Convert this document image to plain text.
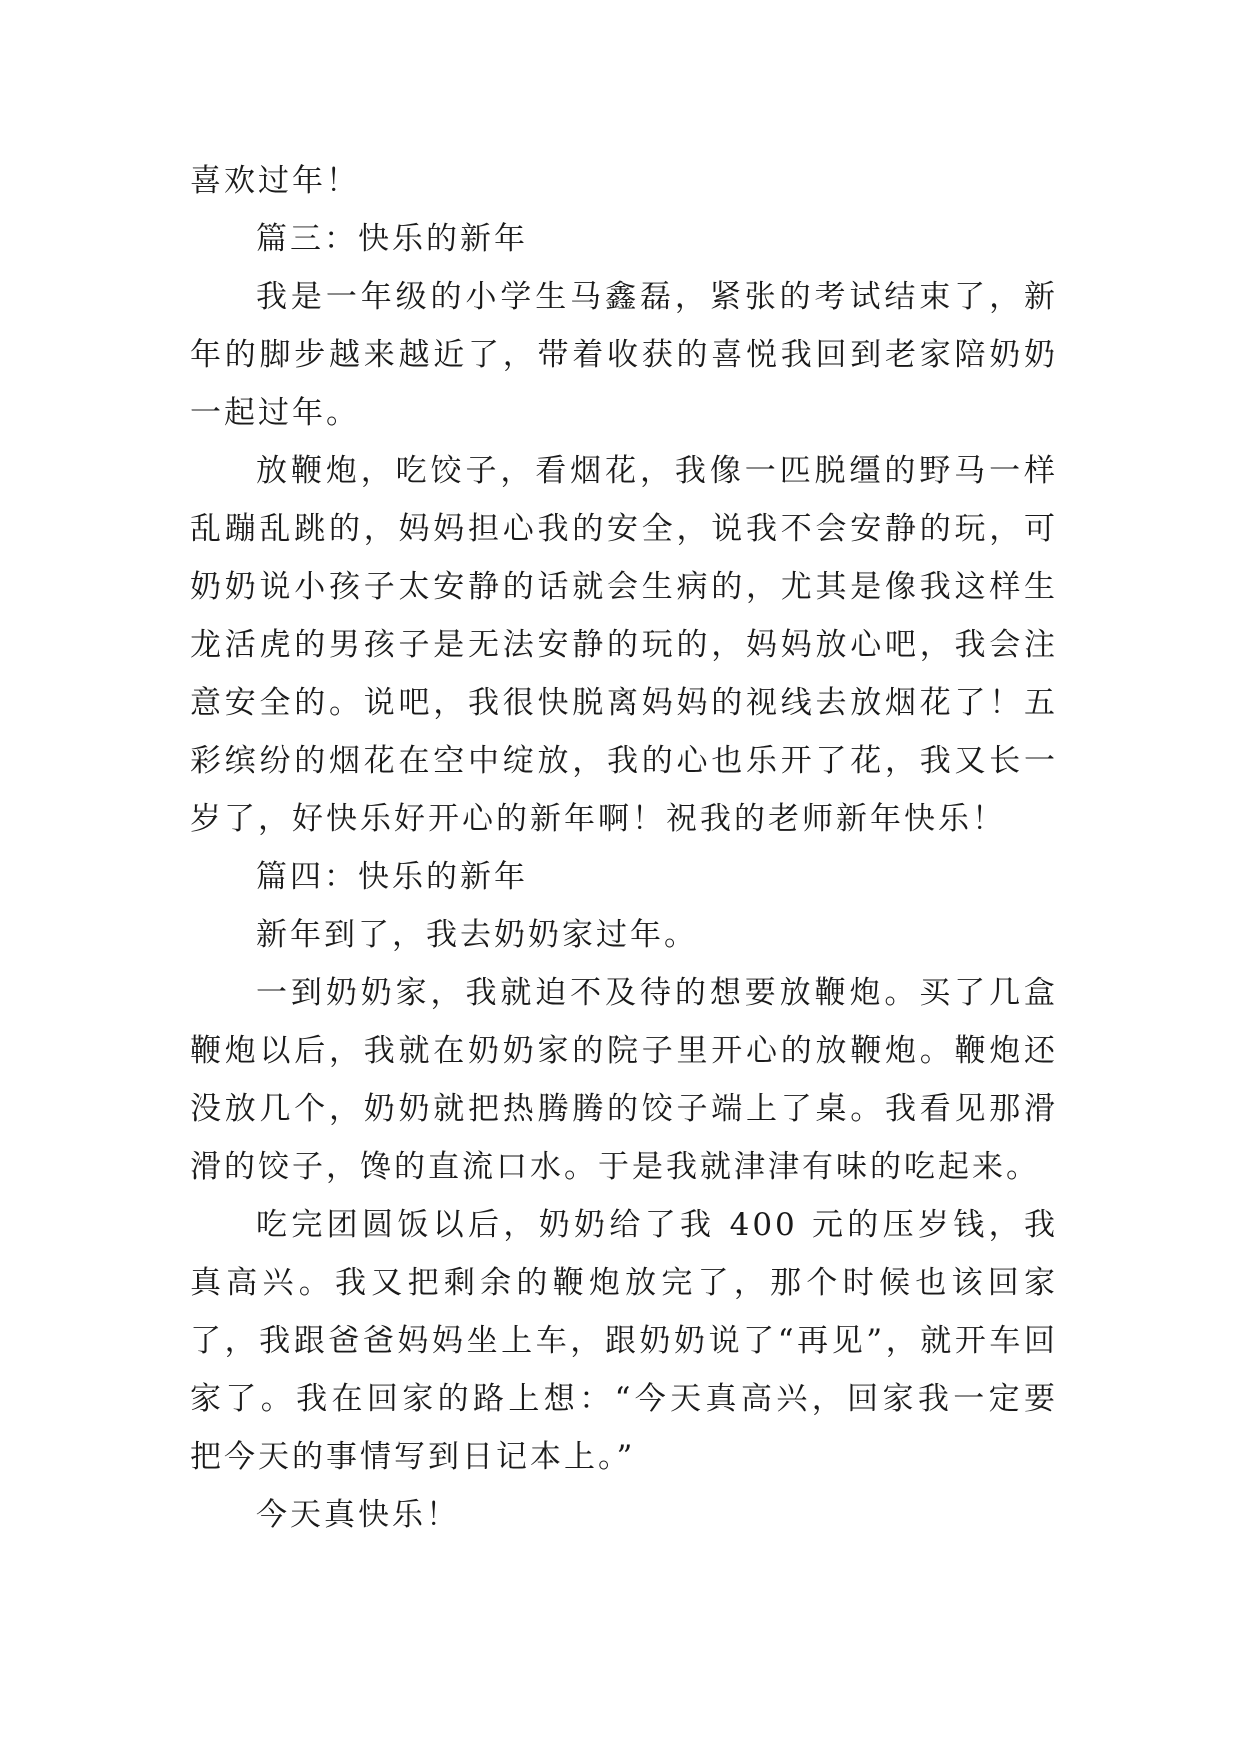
喜欢过年！

篇三：快乐的新年

我是一年级的小学生马鑫磊，紧张的考试结束了，新年的脚步越来越近了，带着收获的喜悦我回到老家陪奶奶一起过年。

放鞭炮，吃饺子，看烟花，我像一匹脱缰的野马一样乱蹦乱跳的，妈妈担心我的安全，说我不会安静的玩，可奶奶说小孩子太安静的话就会生病的，尤其是像我这样生龙活虎的男孩子是无法安静的玩的，妈妈放心吧，我会注意安全的。说吧，我很快脱离妈妈的视线去放烟花了！五彩缤纷的烟花在空中绽放，我的心也乐开了花，我又长一岁了，好快乐好开心的新年啊！祝我的老师新年快乐！

篇四：快乐的新年

新年到了，我去奶奶家过年。

一到奶奶家，我就迫不及待的想要放鞭炮。买了几盒鞭炮以后，我就在奶奶家的院子里开心的放鞭炮。鞭炮还没放几个，奶奶就把热腾腾的饺子端上了桌。我看见那滑滑的饺子，馋的直流口水。于是我就津津有味的吃起来。

吃完团圆饭以后，奶奶给了我 400 元的压岁钱，我真高兴。我又把剩余的鞭炮放完了，那个时候也该回家了，我跟爸爸妈妈坐上车，跟奶奶说了“再见”，就开车回家了。我在回家的路上想：“今天真高兴，回家我一定要把今天的事情写到日记本上。”

今天真快乐！
